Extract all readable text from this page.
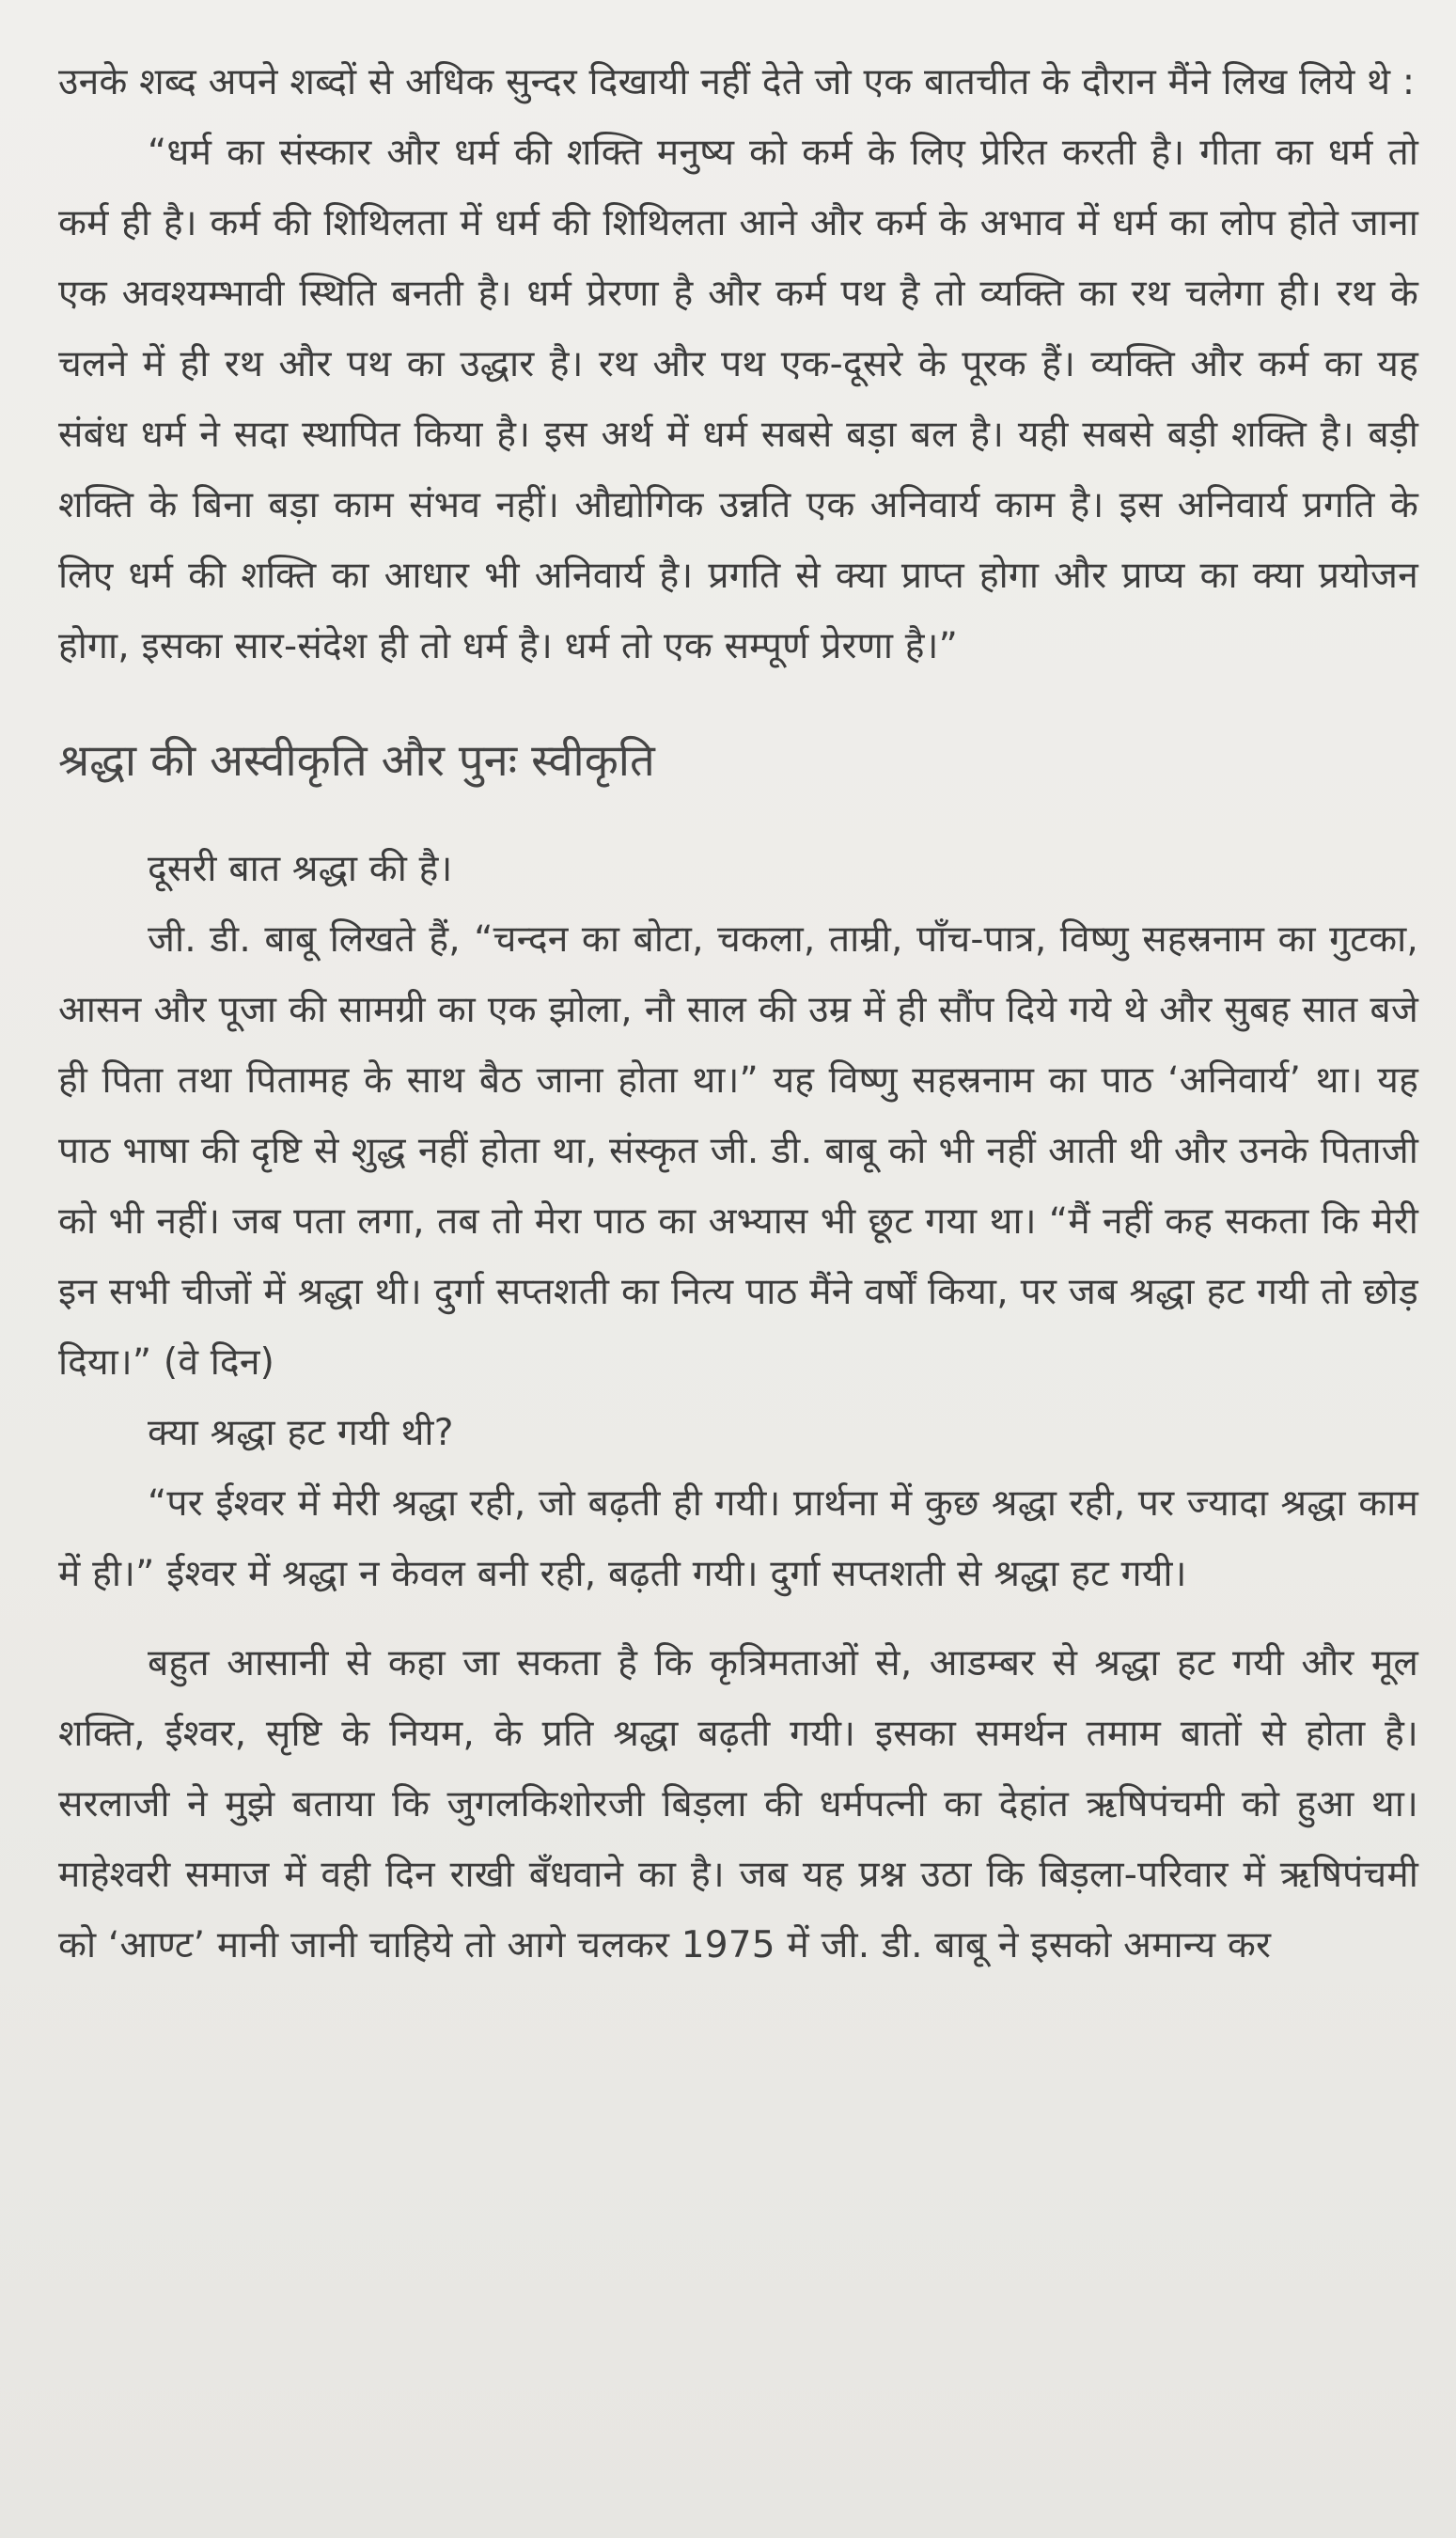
उनके शब्द अपने शब्दों से अधिक सुन्दर दिखायी नहीं देते जो एक बातचीत के दौरान मैंने लिख लिये थे :

“धर्म का संस्कार और धर्म की शक्ति मनुष्य को कर्म के लिए प्रेरित करती है। गीता का धर्म तो कर्म ही है। कर्म की शिथिलता में धर्म की शिथिलता आने और कर्म के अभाव में धर्म का लोप होते जाना एक अवश्यम्भावी स्थिति बनती है। धर्म प्रेरणा है और कर्म पथ है तो व्यक्ति का रथ चलेगा ही। रथ के चलने में ही रथ और पथ का उद्धार है। रथ और पथ एक-दूसरे के पूरक हैं। व्यक्ति और कर्म का यह संबंध धर्म ने सदा स्थापित किया है। इस अर्थ में धर्म सबसे बड़ा बल है। यही सबसे बड़ी शक्ति है। बड़ी शक्ति के बिना बड़ा काम संभव नहीं। औद्योगिक उन्नति एक अनिवार्य काम है। इस अनिवार्य प्रगति के लिए धर्म की शक्ति का आधार भी अनिवार्य है। प्रगति से क्या प्राप्त होगा और प्राप्य का क्या प्रयोजन होगा, इसका सार-संदेश ही तो धर्म है। धर्म तो एक सम्पूर्ण प्रेरणा है।”

श्रद्धा की अस्वीकृति और पुनः स्वीकृति

दूसरी बात श्रद्धा की है।

जी. डी. बाबू लिखते हैं, “चन्दन का बोटा, चकला, ताम्री, पाँच-पात्र, विष्णु सहस्रनाम का गुटका, आसन और पूजा की सामग्री का एक झोला, नौ साल की उम्र में ही सौंप दिये गये थे और सुबह सात बजे ही पिता तथा पितामह के साथ बैठ जाना होता था।” यह विष्णु सहस्रनाम का पाठ ‘अनिवार्य’ था। यह पाठ भाषा की दृष्टि से शुद्ध नहीं होता था, संस्कृत जी. डी. बाबू को भी नहीं आती थी और उनके पिताजी को भी नहीं। जब पता लगा, तब तो मेरा पाठ का अभ्यास भी छूट गया था। “मैं नहीं कह सकता कि मेरी इन सभी चीजों में श्रद्धा थी। दुर्गा सप्तशती का नित्य पाठ मैंने वर्षों किया, पर जब श्रद्धा हट गयी तो छोड़ दिया।” (वे दिन)

क्या श्रद्धा हट गयी थी?

“पर ईश्वर में मेरी श्रद्धा रही, जो बढ़ती ही गयी। प्रार्थना में कुछ श्रद्धा रही, पर ज्यादा श्रद्धा काम में ही।” ईश्वर में श्रद्धा न केवल बनी रही, बढ़ती गयी। दुर्गा सप्तशती से श्रद्धा हट गयी।

बहुत आसानी से कहा जा सकता है कि कृत्रिमताओं से, आडम्बर से श्रद्धा हट गयी और मूल शक्ति, ईश्वर, सृष्टि के नियम, के प्रति श्रद्धा बढ़ती गयी। इसका समर्थन तमाम बातों से होता है। सरलाजी ने मुझे बताया कि जुगलकिशोरजी बिड़ला की धर्मपत्नी का देहांत ऋषिपंचमी को हुआ था। माहेश्वरी समाज में वही दिन राखी बँधवाने का है। जब यह प्रश्न उठा कि बिड़ला-परिवार में ऋषिपंचमी को ‘आण्ट’ मानी जानी चाहिये तो आगे चलकर 1975 में जी. डी. बाबू ने इसको अमान्य कर
